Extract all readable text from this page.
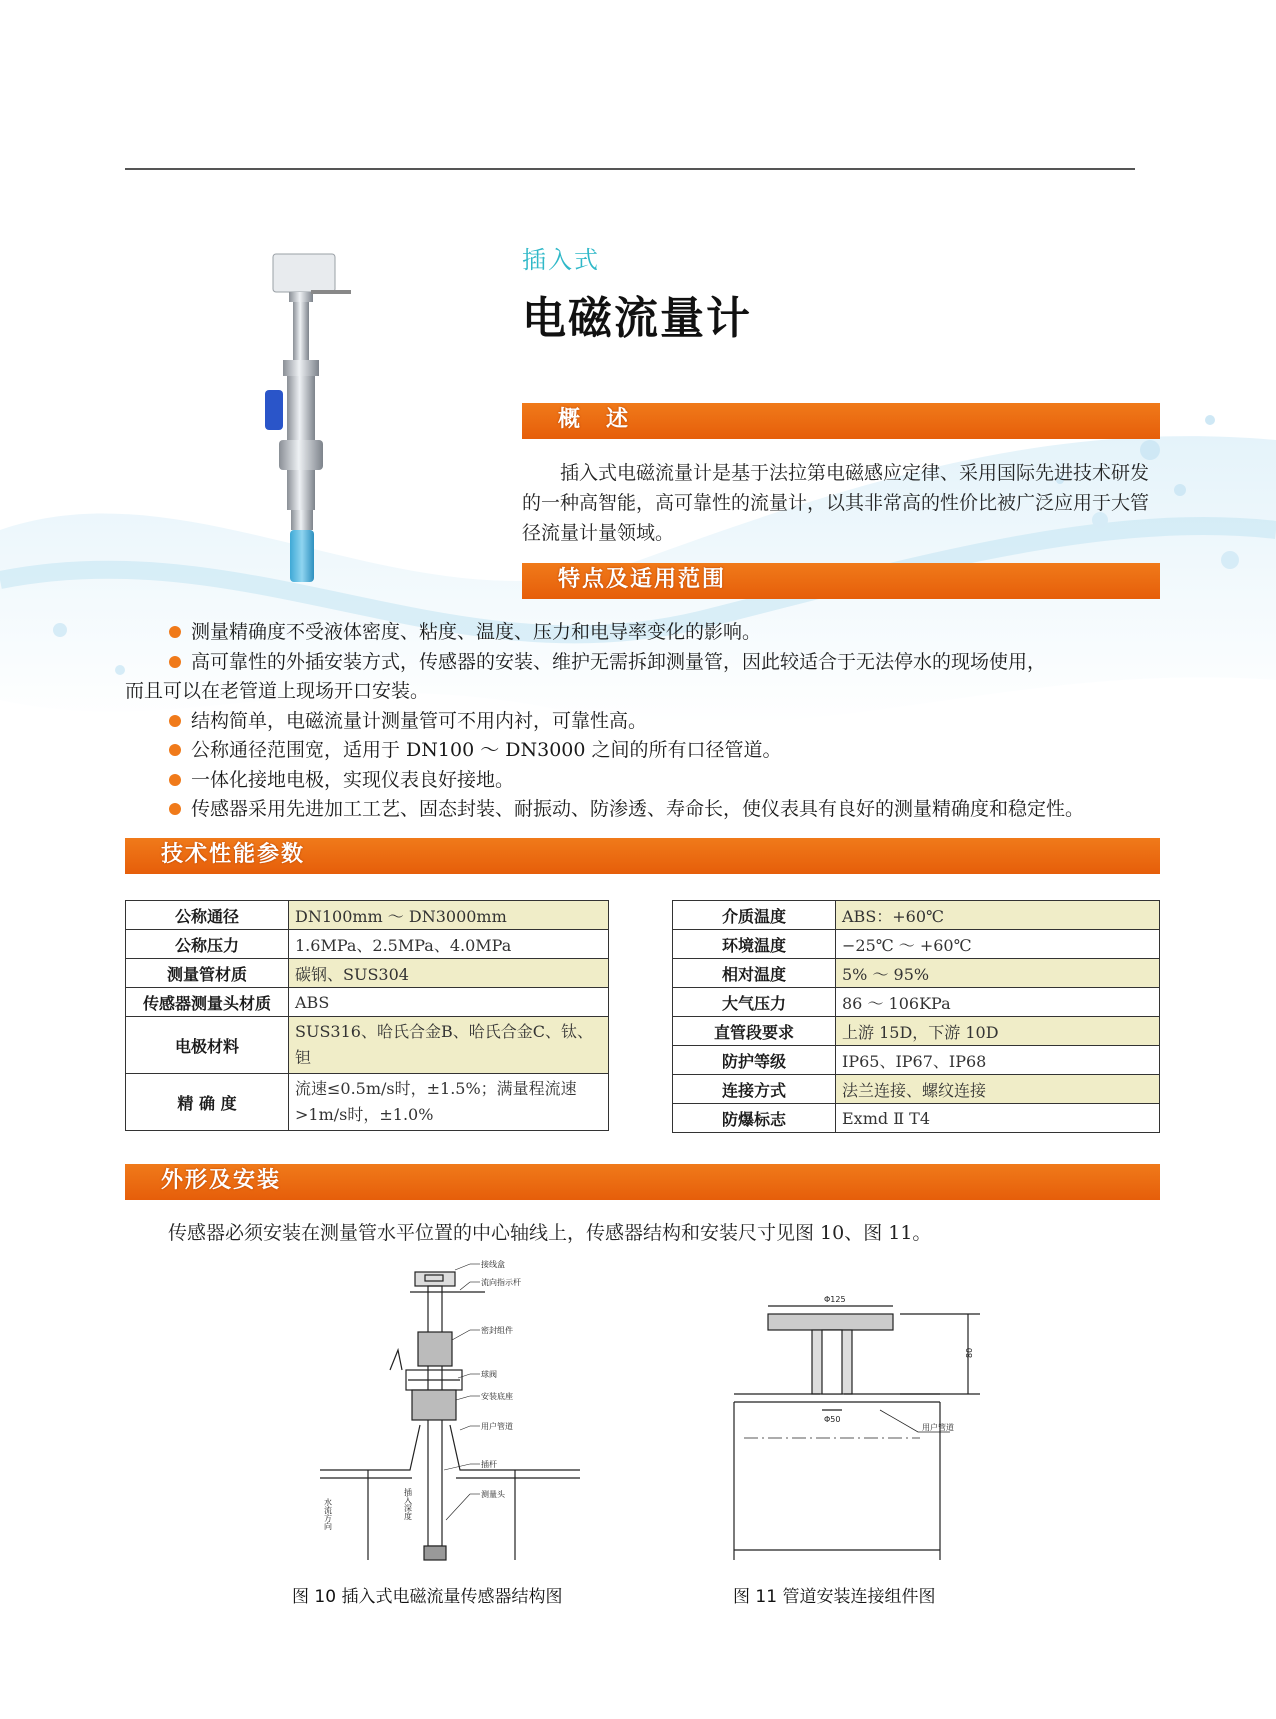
插入式
电磁流量计
概　述
插入式电磁流量计是基于法拉第电磁感应定律、采用国际先进技术研发的一种高智能，高可靠性的流量计，以其非常高的性价比被广泛应用于大管径流量计量领域。
特点及适用范围
测量精确度不受液体密度、粘度、温度、压力和电导率变化的影响。
高可靠性的外插安装方式，传感器的安装、维护无需拆卸测量管，因此较适合于无法停水的现场使用，
而且可以在老管道上现场开口安装。
结构简单，电磁流量计测量管可不用内衬，可靠性高。
公称通径范围宽，适用于 DN100 ～ DN3000 之间的所有口径管道。
一体化接地电极，实现仪表良好接地。
传感器采用先进加工工艺、固态封装、耐振动、防渗透、寿命长，使仪表具有良好的测量精确度和稳定性。
技术性能参数
公称通径	DN100mm ～ DN3000mm
公称压力	1.6MPa、2.5MPa、4.0MPa
测量管材质	碳钢、SUS304
传感器测量头材质	ABS
电极材料	SUS316、哈氏合金B、哈氏合金C、钛、钽
精 确 度	流速≤0.5m/s时，±1.5%；满量程流速>1m/s时，±1.0%
介质温度	ABS：+60℃
环境温度	−25℃ ～ +60℃
相对温度	5% ～ 95%
大气压力	86 ～ 106KPa
直管段要求	上游 15D，下游 10D
防护等级	IP65、IP67、IP68
连接方式	法兰连接、螺纹连接
防爆标志	Exmd Ⅱ T4
外形及安装
传感器必须安装在测量管水平位置的中心轴线上，传感器结构和安装尺寸见图 10、图 11。
接线盒
流向指示杆
密封组件
球阀
安装底座
用户管道
插杆
测量头
插入深度
水流方向
图 10 插入式电磁流量传感器结构图
Φ125
80
Φ50
用户管道
图 11 管道安装连接组件图
